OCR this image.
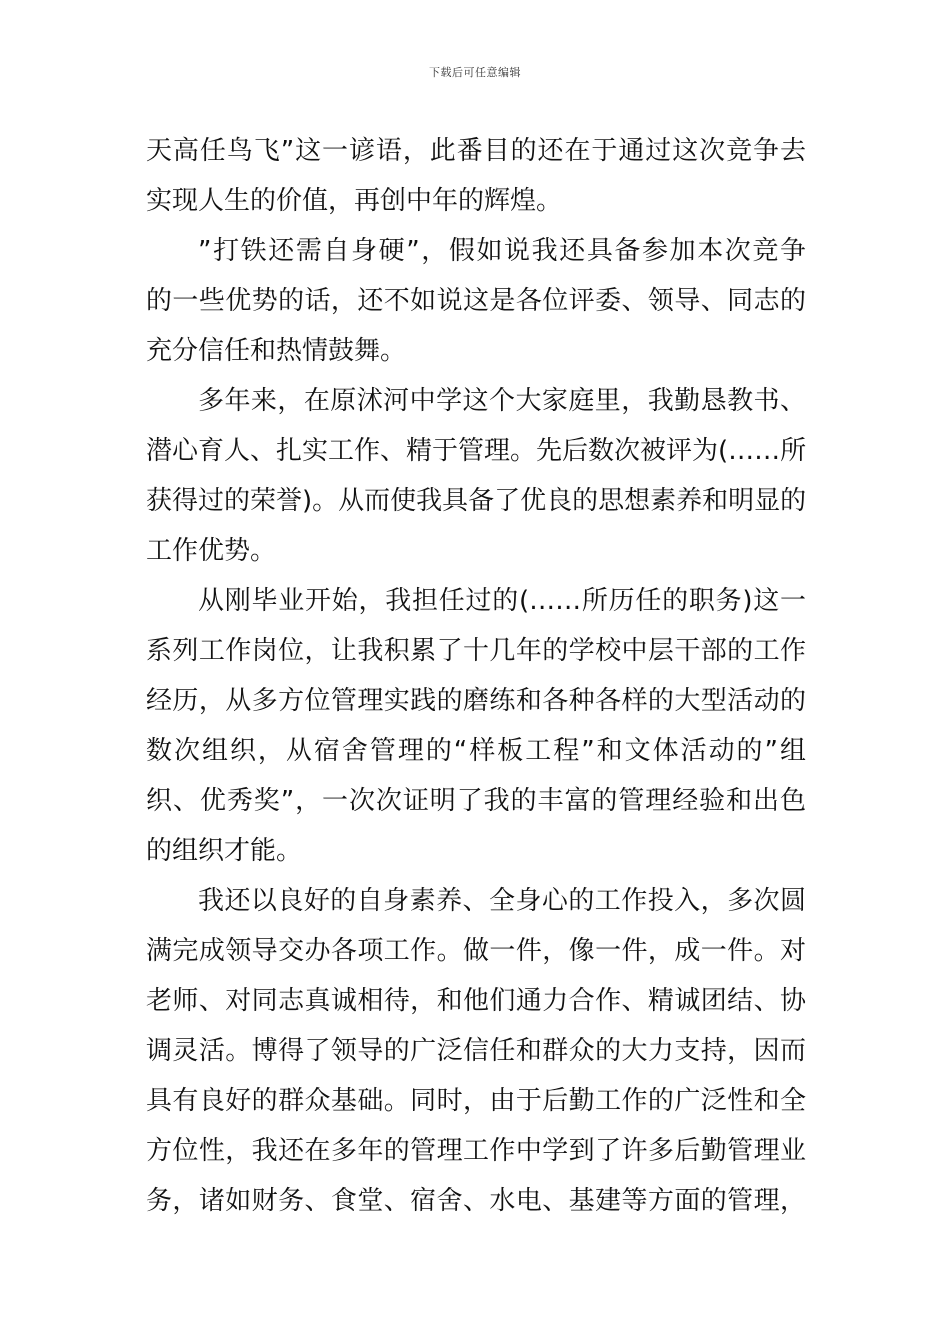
下载后可任意编辑
天高任鸟飞”这一谚语，此番目的还在于通过这次竞争去
实现人生的价值，再创中年的辉煌。
”打铁还需自身硬”，假如说我还具备参加本次竞争
的一些优势的话，还不如说这是各位评委、领导、同志的
充分信任和热情鼓舞。
多年来，在原沭河中学这个大家庭里，我勤恳教书、
潜心育人、扎实工作、精于管理。先后数次被评为(……所
获得过的荣誉)。从而使我具备了优良的思想素养和明显的
工作优势。
从刚毕业开始，我担任过的(……所历任的职务)这一
系列工作岗位，让我积累了十几年的学校中层干部的工作
经历，从多方位管理实践的磨练和各种各样的大型活动的
数次组织，从宿舍管理的“样板工程”和文体活动的”组
织、优秀奖”，一次次证明了我的丰富的管理经验和出色
的组织才能。
我还以良好的自身素养、全身心的工作投入，多次圆
满完成领导交办各项工作。做一件，像一件，成一件。对
老师、对同志真诚相待，和他们通力合作、精诚团结、协
调灵活。博得了领导的广泛信任和群众的大力支持，因而
具有良好的群众基础。同时，由于后勤工作的广泛性和全
方位性，我还在多年的管理工作中学到了许多后勤管理业
务，诸如财务、食堂、宿舍、水电、基建等方面的管理，
